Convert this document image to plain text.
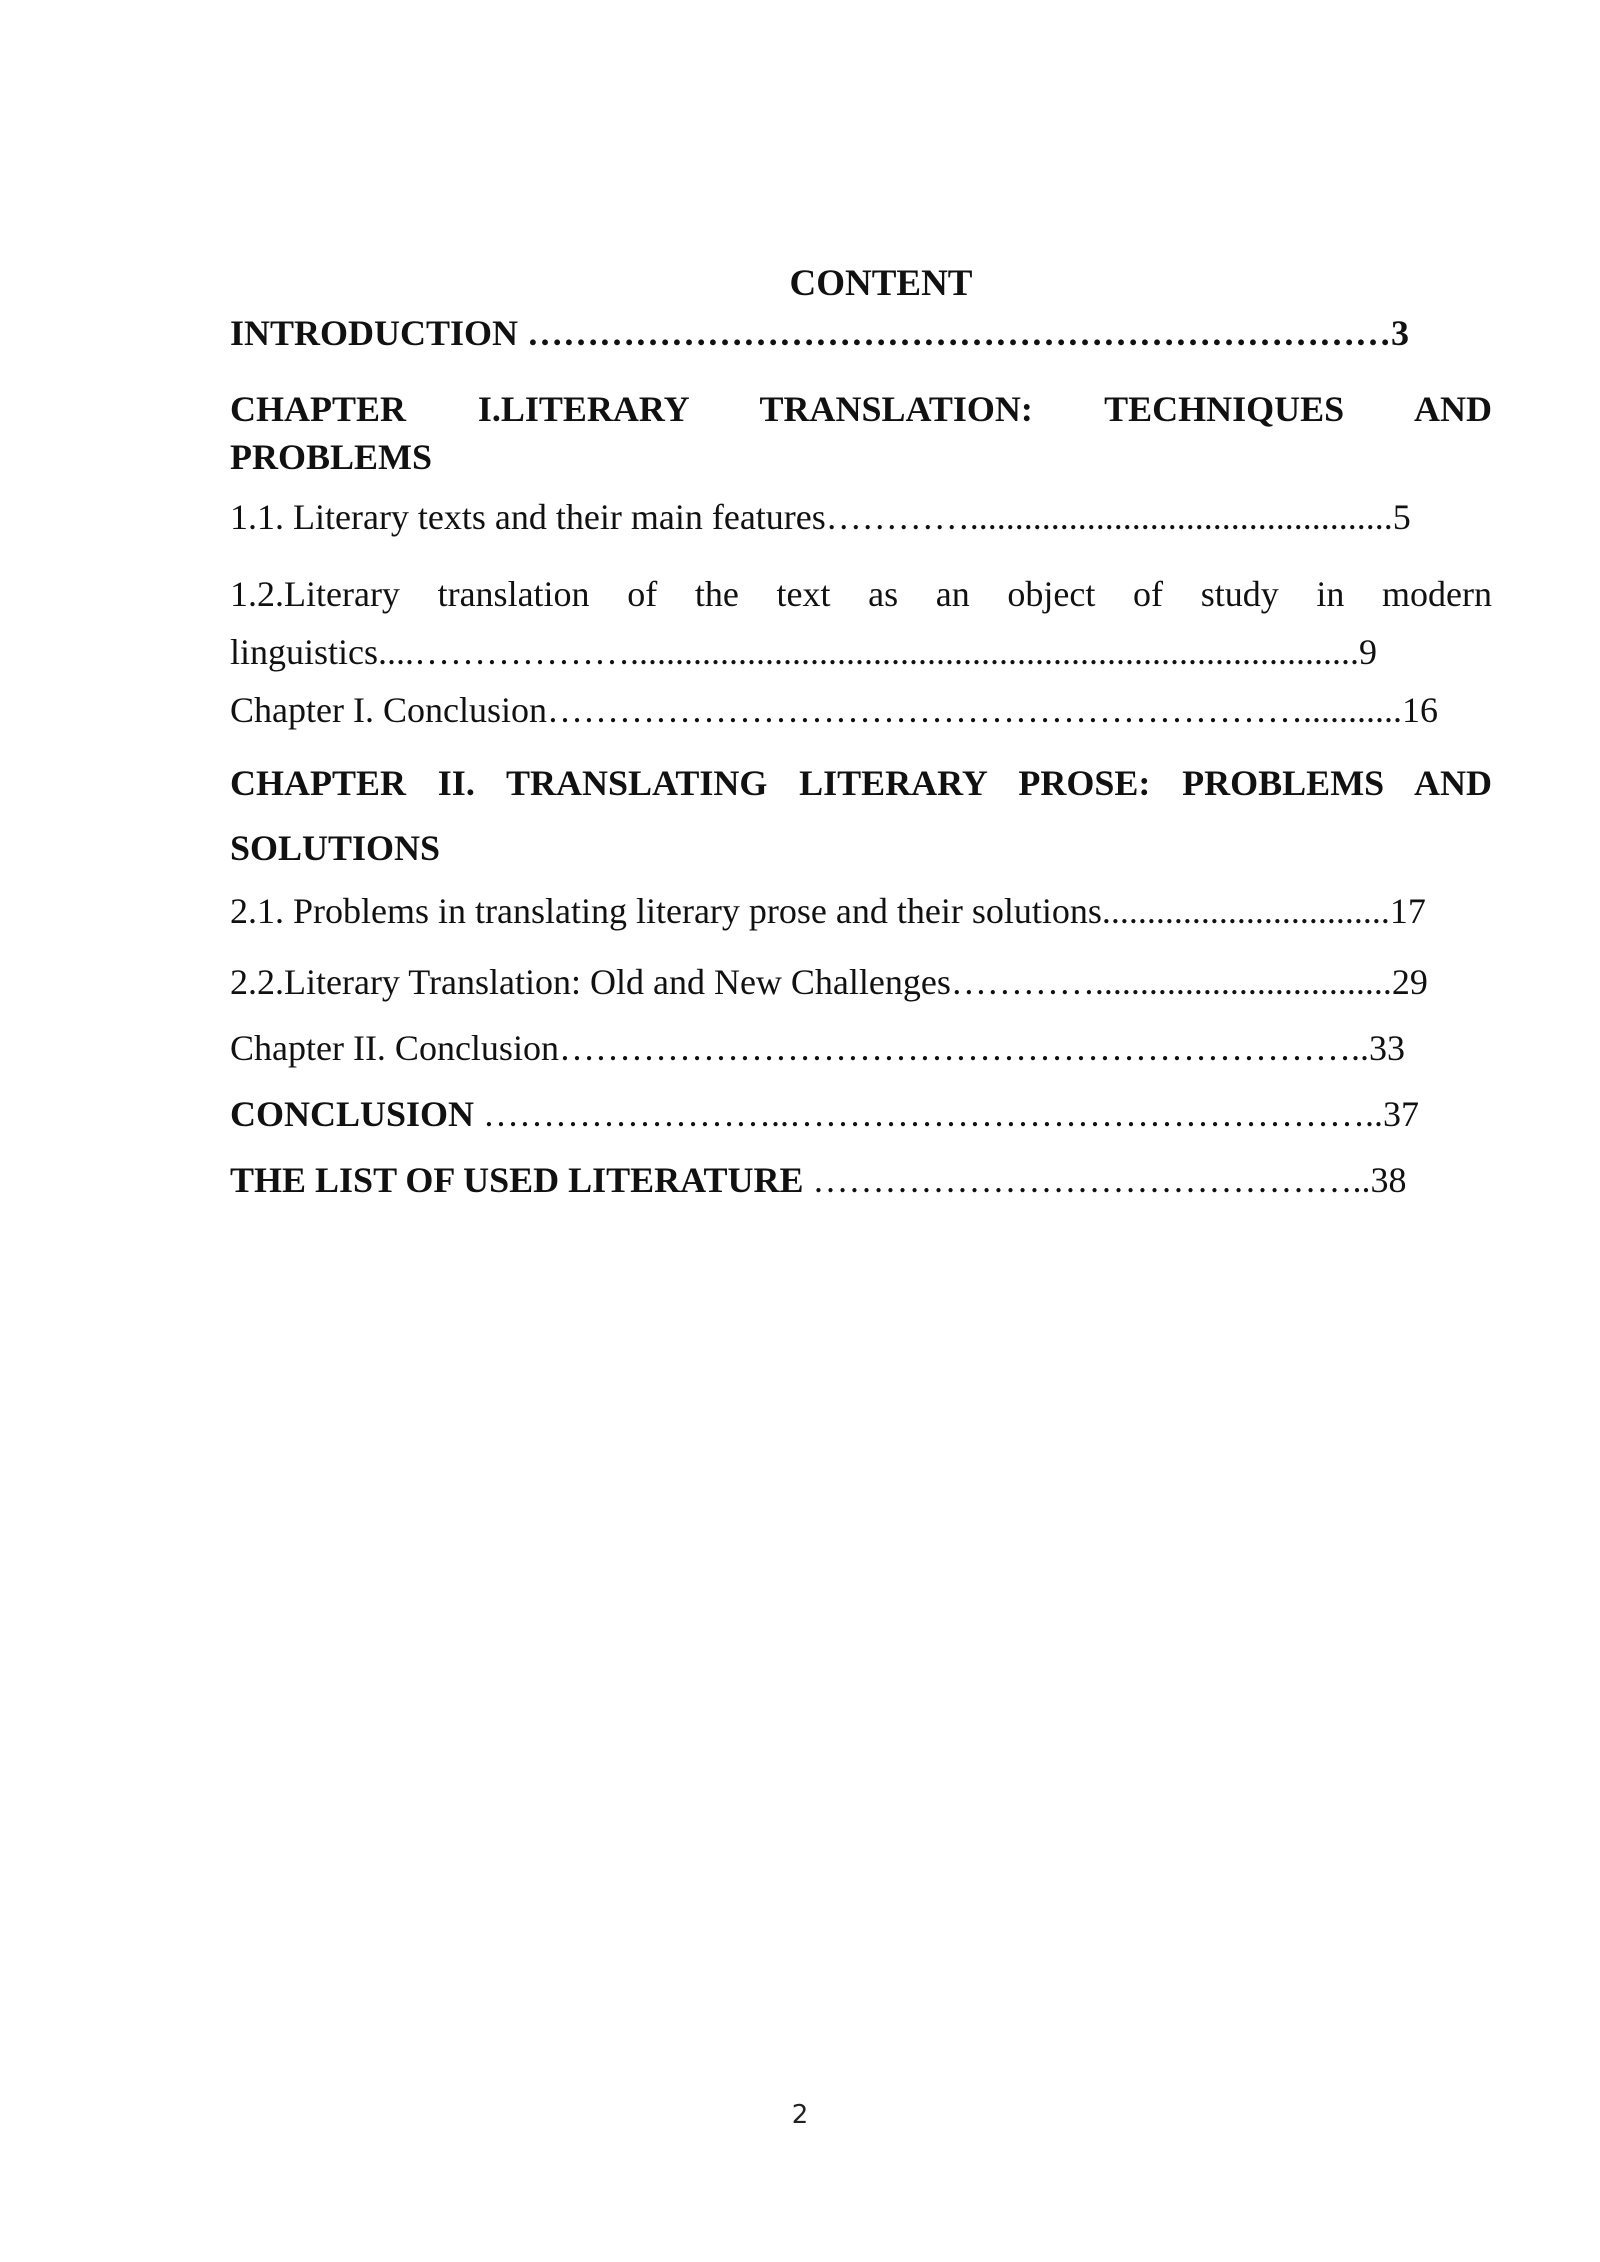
CONTENT
INTRODUCTION ………………………………………………………………3
CHAPTER I.LITERARY TRANSLATION: TECHNIQUES AND
PROBLEMS
1.1. Literary texts and their main features…………...............................................5
1.2.Literary translation of the text as an object of study in modern
linguistics....……………….................................................................................9
Chapter I. Conclusion………………………………………………………...........16
CHAPTER II. TRANSLATING LITERARY PROSE: PROBLEMS AND
SOLUTIONS
2.1. Problems in translating literary prose and their solutions................................17
2.2.Literary Translation: Old and New Challenges………….................................29
Chapter II. Conclusion…………………………………………………………..33
CONCLUSION ……………………..…………………………………………..37
THE LIST OF USED LITERATURE ………………………………………..38
2
